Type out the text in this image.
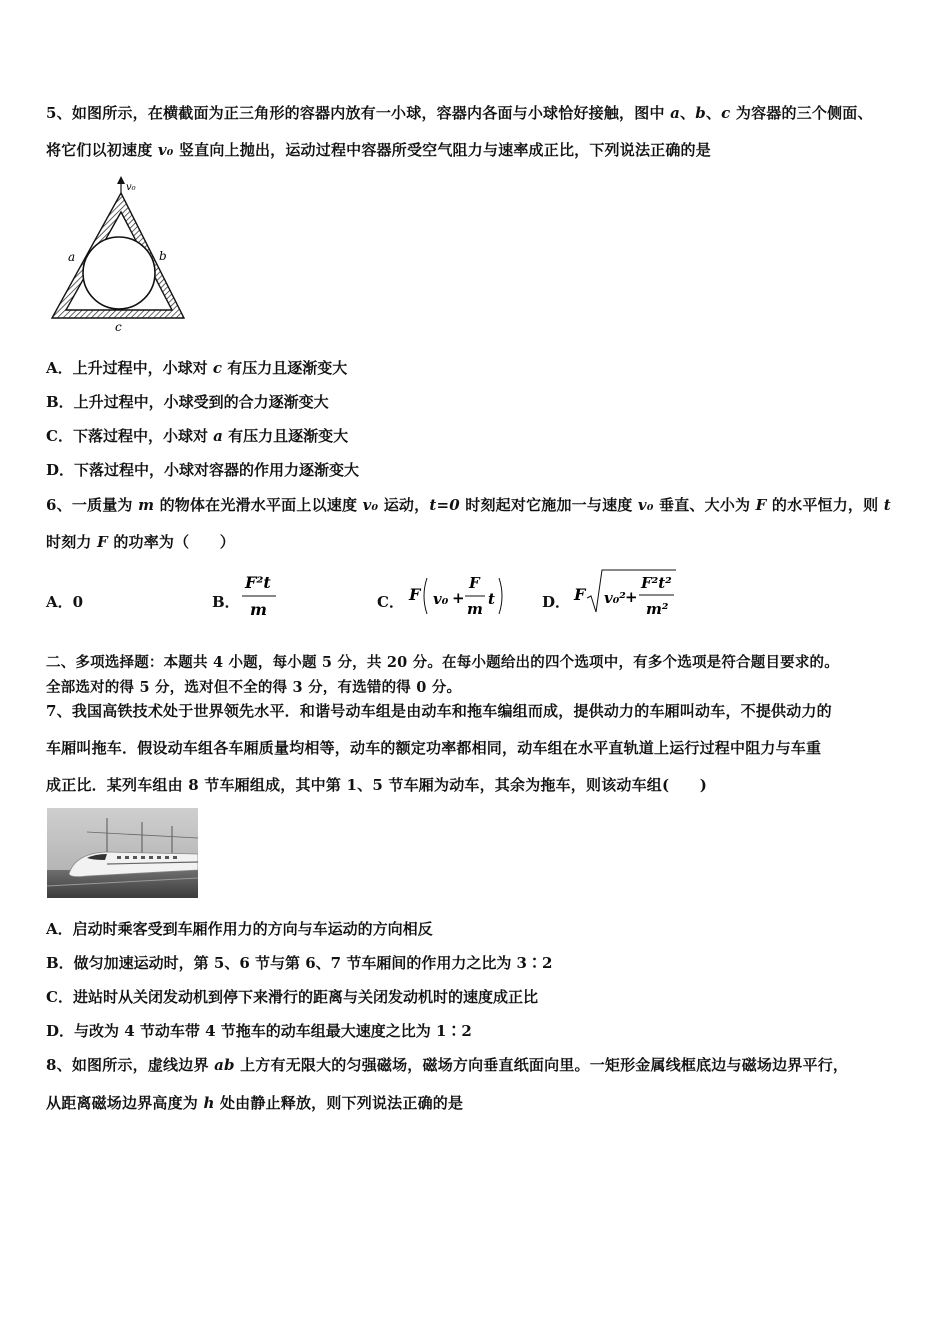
5、如图所示，在横截面为正三角形的容器内放有一小球，容器内各面与小球恰好接触，图中 a、b、c 为容器的三个侧面、
将它们以初速度 v₀ 竖直向上抛出，运动过程中容器所受空气阻力与速率成正比，下列说法正确的是
v₀
a	b
c
A．上升过程中，小球对 c 有压力且逐渐变大
B．上升过程中，小球受到的合力逐渐变大
C．下落过程中，小球对 a 有压力且逐渐变大
D．下落过程中，小球对容器的作用力逐渐变大
6、一质量为 m 的物体在光滑水平面上以速度 v₀ 运动，t=0 时刻起对它施加一与速度 v₀ 垂直、大小为 F 的水平恒力，则 t
时刻力 F 的功率为（　　）
A．0	B．
F²t
m	C． F v₀ +
F
m
t	D． F v₀² +
F²t²
m²
二、多项选择题：本题共 4 小题，每小题 5 分，共 20 分。在每小题给出的四个选项中，有多个选项是符合题目要求的。
全部选对的得 5 分，选对但不全的得 3 分，有选错的得 0 分。
7、我国高铁技术处于世界领先水平．和谐号动车组是由动车和拖车编组而成，提供动力的车厢叫动车，不提供动力的
车厢叫拖车．假设动车组各车厢质量均相等，动车的额定功率都相同，动车组在水平直轨道上运行过程中阻力与车重
成正比．某列车组由 8 节车厢组成，其中第 1、5 节车厢为动车，其余为拖车，则该动车组(　　)
A．启动时乘客受到车厢作用力的方向与车运动的方向相反
B．做匀加速运动时，第 5、6 节与第 6、7 节车厢间的作用力之比为 3∶2
C．进站时从关闭发动机到停下来滑行的距离与关闭发动机时的速度成正比
D．与改为 4 节动车带 4 节拖车的动车组最大速度之比为 1∶2
8、如图所示，虚线边界 ab 上方有无限大的匀强磁场，磁场方向垂直纸面向里。一矩形金属线框底边与磁场边界平行，
从距离磁场边界高度为 h 处由静止释放，则下列说法正确的是
